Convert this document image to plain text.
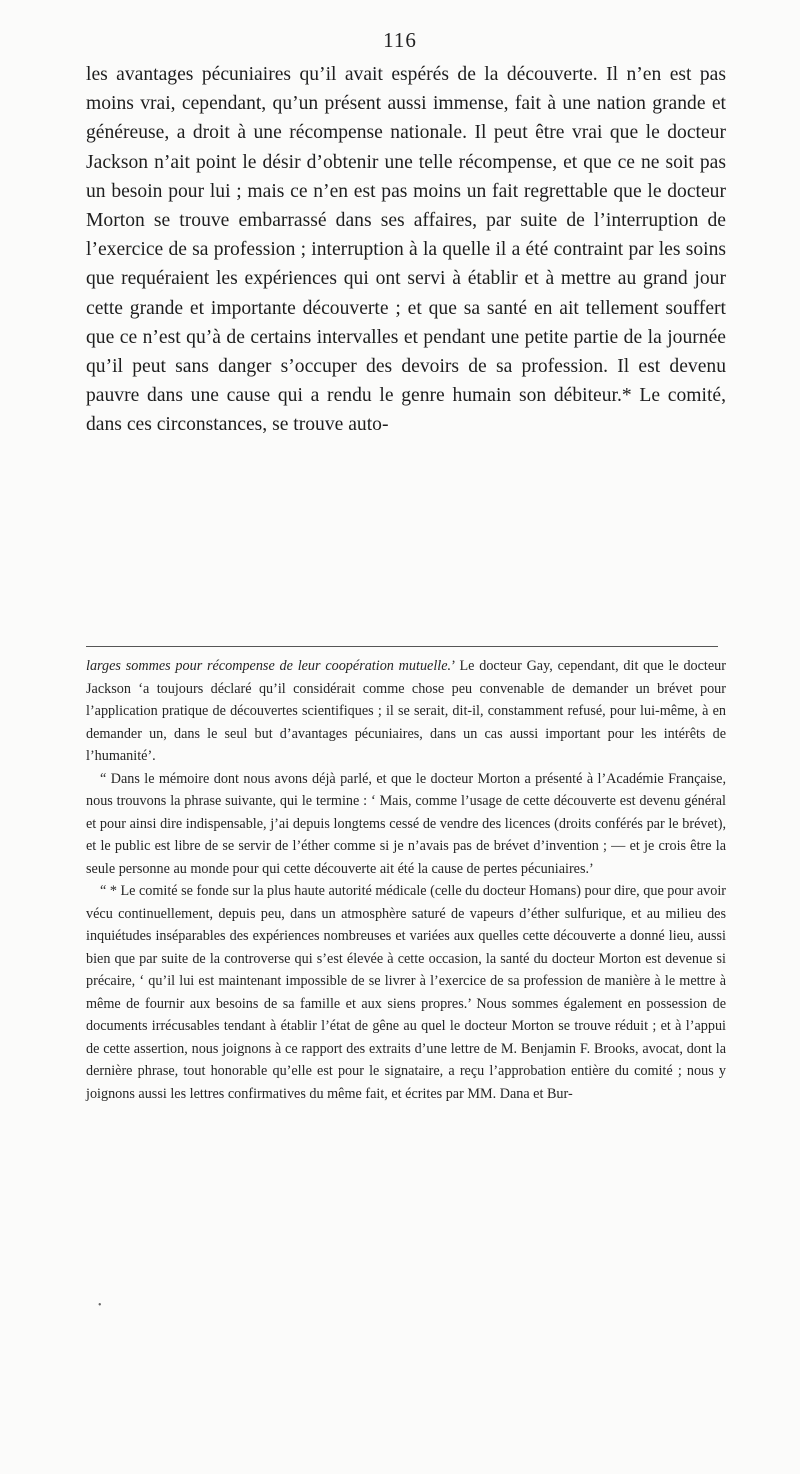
116

les avantages pécuniaires qu’il avait espérés de la découverte. Il n’en est pas moins vrai, cependant, qu’un présent aussi immense, fait à une nation grande et généreuse, a droit à une récompense nationale. Il peut être vrai que le docteur Jackson n’ait point le désir d’obtenir une telle récompense, et que ce ne soit pas un besoin pour lui ; mais ce n’en est pas moins un fait regrettable que le docteur Morton se trouve embarrassé dans ses affaires, par suite de l’interruption de l’exercice de sa profession ; interruption à la quelle il a été contraint par les soins que requéraient les expériences qui ont servi à établir et à mettre au grand jour cette grande et importante découverte ; et que sa santé en ait tellement souffert que ce n’est qu’à de certains intervalles et pendant une petite partie de la journée qu’il peut sans danger s’occuper des devoirs de sa profession. Il est devenu pauvre dans une cause qui a rendu le genre humain son débiteur.* Le comité, dans ces circonstances, se trouve auto-

larges sommes pour récompense de leur coopération mutuelle.’ Le docteur Gay, cependant, dit que le docteur Jackson ‘a toujours déclaré qu’il considérait comme chose peu convenable de demander un brévet pour l’application pratique de découvertes scientifiques ; il se serait, dit-il, constamment refusé, pour lui-même, à en demander un, dans le seul but d’avantages pécuniaires, dans un cas aussi important pour les intérêts de l’humanité’.

“ Dans le mémoire dont nous avons déjà parlé, et que le docteur Morton a présenté à l’Académie Française, nous trouvons la phrase suivante, qui le termine : ‘ Mais, comme l’usage de cette découverte est devenu général et pour ainsi dire indispensable, j’ai depuis longtems cessé de vendre des licences (droits conférés par le brévet), et le public est libre de se servir de l’éther comme si je n’avais pas de brévet d’invention ; — et je crois être la seule personne au monde pour qui cette découverte ait été la cause de pertes pécuniaires.’

“ * Le comité se fonde sur la plus haute autorité médicale (celle du docteur Homans) pour dire, que pour avoir vécu continuellement, depuis peu, dans un atmosphère saturé de vapeurs d’éther sulfurique, et au milieu des inquiétudes inséparables des expériences nombreuses et variées aux quelles cette découverte a donné lieu, aussi bien que par suite de la controverse qui s’est élevée à cette occasion, la santé du docteur Morton est devenue si précaire, ‘ qu’il lui est maintenant impossible de se livrer à l’exercice de sa profession de manière à le mettre à même de fournir aux besoins de sa famille et aux siens propres.’ Nous sommes également en possession de documents irrécusables tendant à établir l’état de gêne au quel le docteur Morton se trouve réduit ; et à l’appui de cette assertion, nous joignons à ce rapport des extraits d’une lettre de M. Benjamin F. Brooks, avocat, dont la dernière phrase, tout honorable qu’elle est pour le signataire, a reçu l’approbation entière du comité ; nous y joignons aussi les lettres confirmatives du même fait, et écrites par MM. Dana et Bur-

•
